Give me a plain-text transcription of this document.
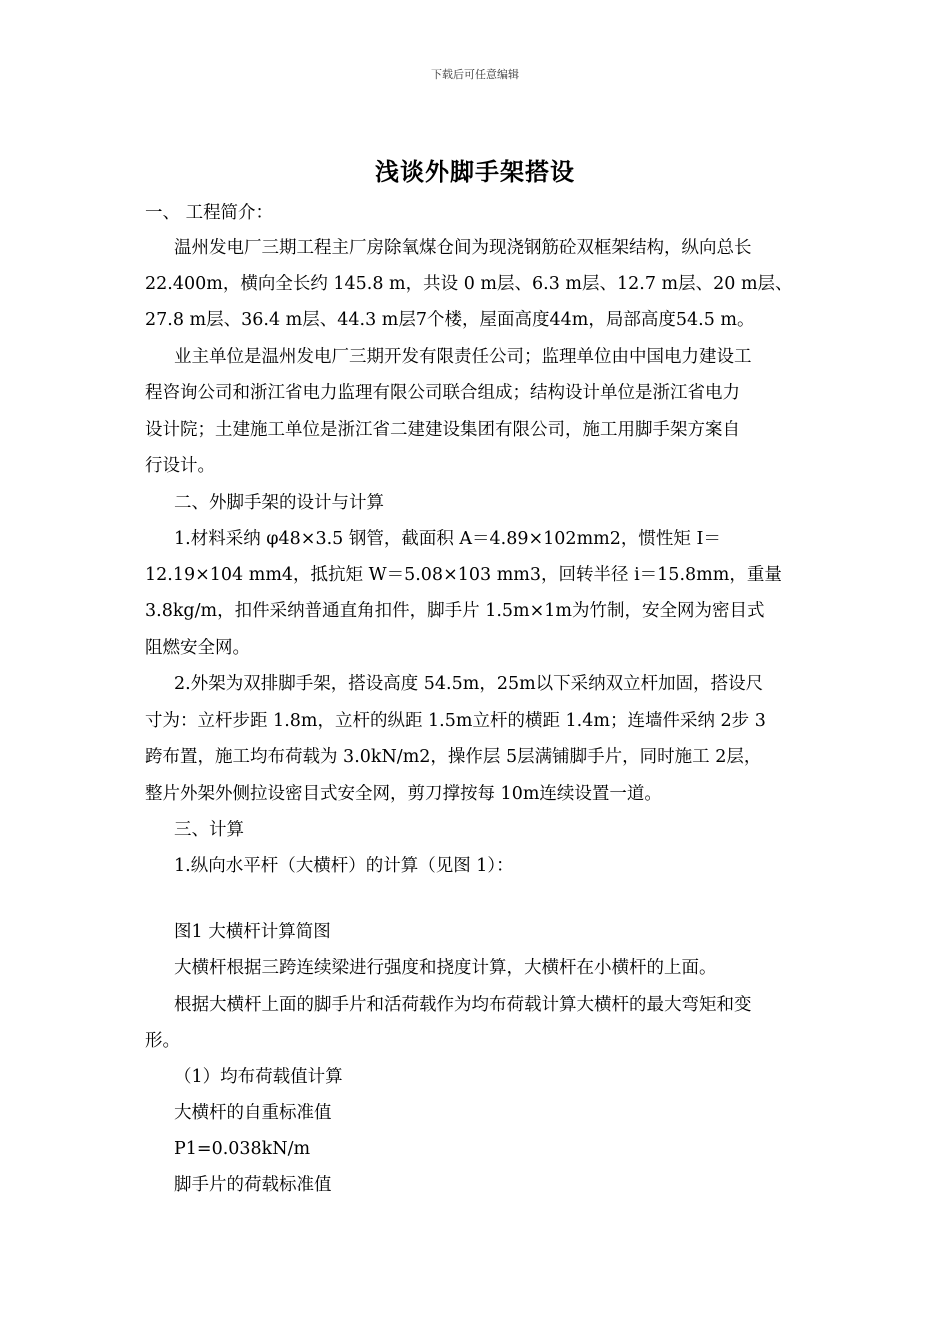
下载后可任意编辑
浅谈外脚手架搭设
一、 工程简介：
温州发电厂三期工程主厂房除氧煤仓间为现浇钢筋砼双框架结构，纵向总长
22.400m，横向全长约 145.8 m，共设 0 m层、6.3 m层、12.7 m层、20 m层、
27.8 m层、36.4 m层、44.3 m层7个楼，屋面高度44m，局部高度54.5 m。
业主单位是温州发电厂三期开发有限责任公司；监理单位由中国电力建设工
程咨询公司和浙江省电力监理有限公司联合组成；结构设计单位是浙江省电力
设计院；土建施工单位是浙江省二建建设集团有限公司，施工用脚手架方案自
行设计。
二、外脚手架的设计与计算
1.材料采纳 φ48×3.5 钢管，截面积 A＝4.89×102mm2，惯性矩 I＝
12.19×104 mm4，抵抗矩 W＝5.08×103 mm3，回转半径 i＝15.8mm，重量
3.8kg/m，扣件采纳普通直角扣件，脚手片 1.5m×1m为竹制，安全网为密目式
阻燃安全网。
2.外架为双排脚手架，搭设高度 54.5m，25m以下采纳双立杆加固，搭设尺
寸为：立杆步距 1.8m，立杆的纵距 1.5m立杆的横距 1.4m；连墙件采纳 2步 3
跨布置，施工均布荷载为 3.0kN/m2，操作层 5层满铺脚手片，同时施工 2层，
整片外架外侧拉设密目式安全网，剪刀撑按每 10m连续设置一道。
三、计算
1.纵向水平杆（大横杆）的计算（见图 1）：
图1 大横杆计算简图
大横杆根据三跨连续梁进行强度和挠度计算，大横杆在小横杆的上面。
根据大横杆上面的脚手片和活荷载作为均布荷载计算大横杆的最大弯矩和变
形。
（1）均布荷载值计算
大横杆的自重标准值
P1=0.038kN/m
脚手片的荷载标准值
